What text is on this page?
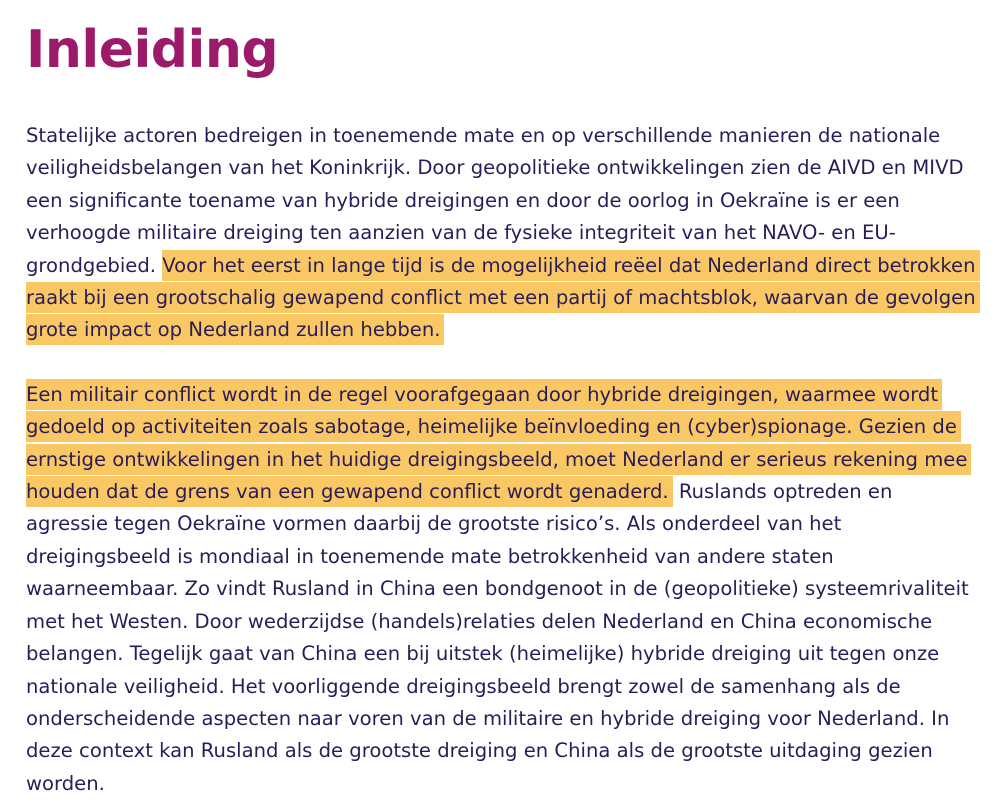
Inleiding

Statelijke actoren bedreigen in toenemende mate en op verschillende manieren de nationale veiligheidsbelangen van het Koninkrijk. Door geopolitieke ontwikkelingen zien de AIVD en MIVD een significante toename van hybride dreigingen en door de oorlog in Oekraïne is er een verhoogde militaire dreiging ten aanzien van de fysieke integriteit van het NAVO- en EU-grondgebied. Voor het eerst in lange tijd is de mogelijkheid reëel dat Nederland direct betrokken raakt bij een grootschalig gewapend conflict met een partij of machtsblok, waarvan de gevolgen grote impact op Nederland zullen hebben.

Een militair conflict wordt in de regel voorafgegaan door hybride dreigingen, waarmee wordt gedoeld op activiteiten zoals sabotage, heimelijke beïnvloeding en (cyber)spionage. Gezien de ernstige ontwikkelingen in het huidige dreigingsbeeld, moet Nederland er serieus rekening mee houden dat de grens van een gewapend conflict wordt genaderd. Ruslands optreden en agressie tegen Oekraïne vormen daarbij de grootste risico’s. Als onderdeel van het dreigingsbeeld is mondiaal in toenemende mate betrokkenheid van andere staten waarneembaar. Zo vindt Rusland in China een bondgenoot in de (geopolitieke) systeemrivaliteit met het Westen. Door wederzijdse (handels)relaties delen Nederland en China economische belangen. Tegelijk gaat van China een bij uitstek (heimelijke) hybride dreiging uit tegen onze nationale veiligheid. Het voorliggende dreigingsbeeld brengt zowel de samenhang als de onderscheidende aspecten naar voren van de militaire en hybride dreiging voor Nederland. In deze context kan Rusland als de grootste dreiging en China als de grootste uitdaging gezien worden.
